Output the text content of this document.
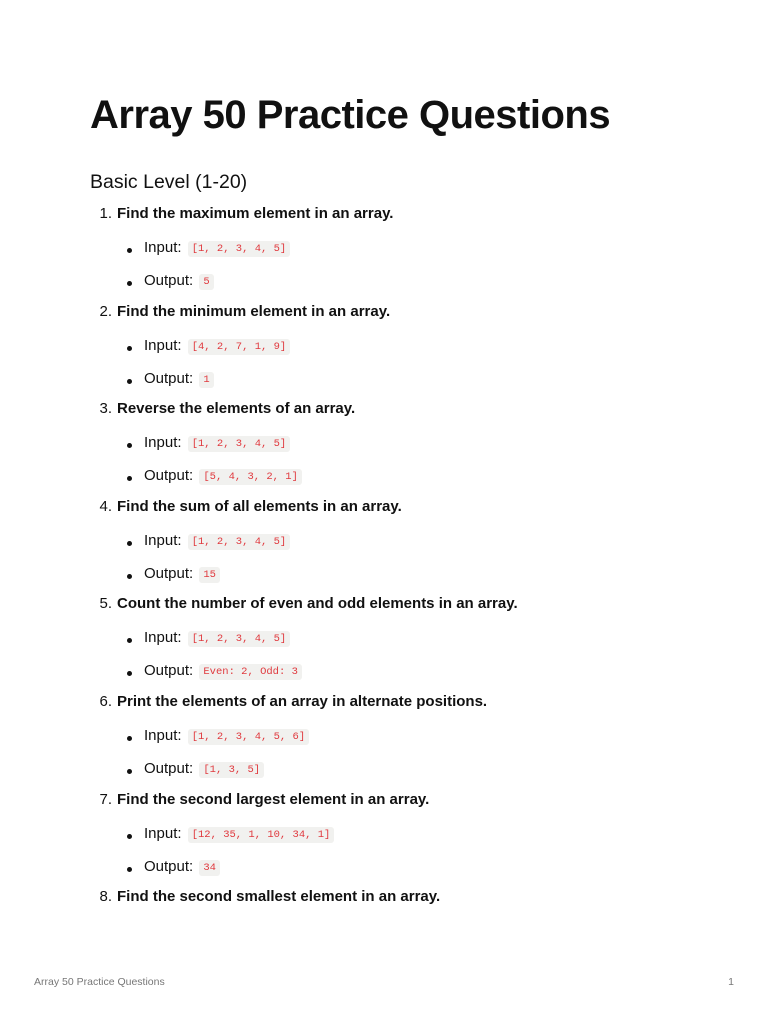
Array 50 Practice Questions
Basic Level (1-20)
1. Find the maximum element in an array.
Input: [1, 2, 3, 4, 5]
Output: 5
2. Find the minimum element in an array.
Input: [4, 2, 7, 1, 9]
Output: 1
3. Reverse the elements of an array.
Input: [1, 2, 3, 4, 5]
Output: [5, 4, 3, 2, 1]
4. Find the sum of all elements in an array.
Input: [1, 2, 3, 4, 5]
Output: 15
5. Count the number of even and odd elements in an array.
Input: [1, 2, 3, 4, 5]
Output: Even: 2, Odd: 3
6. Print the elements of an array in alternate positions.
Input: [1, 2, 3, 4, 5, 6]
Output: [1, 3, 5]
7. Find the second largest element in an array.
Input: [12, 35, 1, 10, 34, 1]
Output: 34
8. Find the second smallest element in an array.
Array 50 Practice Questions	1
